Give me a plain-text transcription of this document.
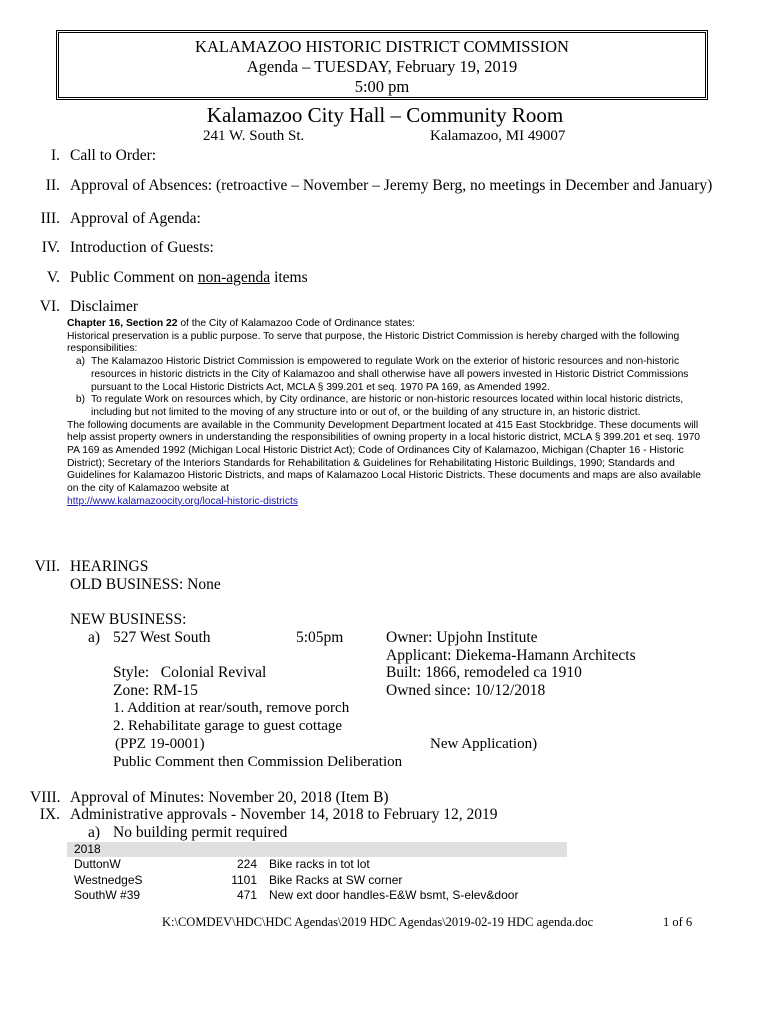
KALAMAZOO HISTORIC DISTRICT COMMISSION
Agenda – TUESDAY, February 19, 2019
5:00 pm
Kalamazoo City Hall – Community Room
241 W. South St.	Kalamazoo, MI 49007
I. Call to Order:
II. Approval of Absences: (retroactive – November – Jeremy Berg, no meetings in December and January)
III. Approval of Agenda:
IV. Introduction of Guests:
V. Public Comment on non-agenda items
VI. Disclaimer

Chapter 16, Section 22 of the City of Kalamazoo Code of Ordinance states:

Historical preservation is a public purpose. To serve that purpose, the Historic District Commission is hereby charged with the following responsibilities:

a) The Kalamazoo Historic District Commission is empowered to regulate Work on the exterior of historic resources and non-historic resources in historic districts in the City of Kalamazoo and shall otherwise have all powers invested in Historic District Commissions pursuant to the Local Historic Districts Act, MCLA § 399.201 et seq. 1970 PA 169, as Amended 1992.
b) To regulate Work on resources which, by City ordinance, are historic or non-historic resources located within local historic districts, including but not limited to the moving of any structure into or out of, or the building of any structure in, an historic district.

The following documents are available in the Community Development Department located at 415 East Stockbridge. These documents will help assist property owners in understanding the responsibilities of owning property in a local historic district, MCLA § 399.201 et seq. 1970 PA 169 as Amended 1992 (Michigan Local Historic District Act); Code of Ordinances City of Kalamazoo, Michigan (Chapter 16 - Historic District); Secretary of the Interiors Standards for Rehabilitation & Guidelines for Rehabilitating Historic Buildings, 1990; Standards and Guidelines for Kalamazoo Historic Districts, and maps of Kalamazoo Local Historic Districts. These documents and maps are also available on the city of Kalamazoo website at

http://www.kalamazoocity.org/local-historic-districts

VII. HEARINGS
OLD BUSINESS: None
NEW BUSINESS:
a) 527 West South	5:05pm	Owner: Upjohn Institute
Applicant: Diekema-Hamann Architects
Style: Colonial Revival	Built: 1866, remodeled ca 1910
Zone: RM-15	Owned since: 10/12/2018
1. Addition at rear/south, remove porch
2. Rehabilitate garage to guest cottage
(PPZ 19-0001)	New Application)
Public Comment then Commission Deliberation
VIII. Approval of Minutes: November 20, 2018 (Item B)
IX. Administrative approvals - November 14, 2018 to February 12, 2019
a) No building permit required
2018
DuttonW	224 Bike racks in tot lot
WestnedgeS	1101 Bike Racks at SW corner
SouthW #39	471 New ext door handles-E&W bsmt, S-elev&door
K:\COMDEV\HDC\HDC Agendas\2019 HDC Agendas\2019-02-19 HDC agenda.doc	1 of 6
